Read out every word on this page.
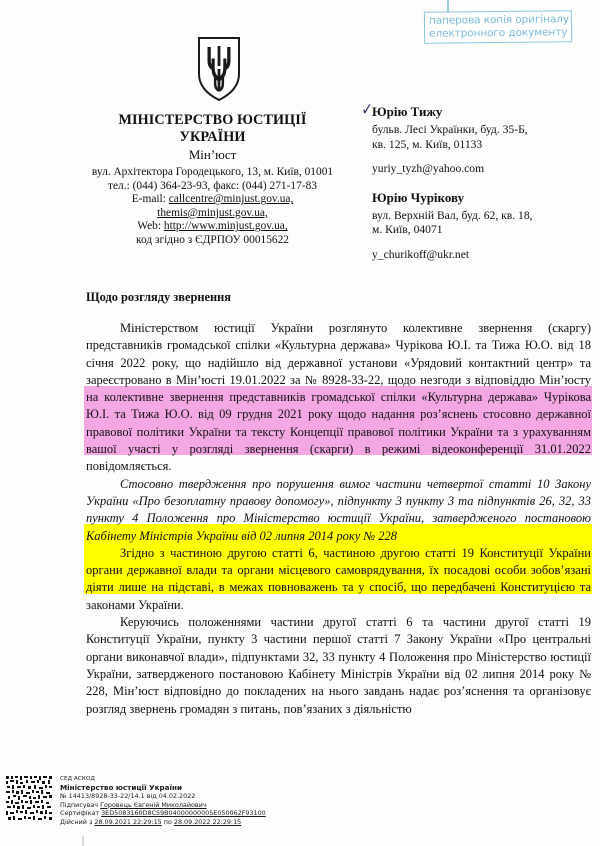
паперова копія оригіналу
електронного документу
МІНІСТЕРСТВО ЮСТИЦІЇ
УКРАЇНИ
Мін’юст
вул. Архітектора Городецького, 13, м. Київ, 01001
тел.: (044) 364-23-93, факс: (044) 271-17-83
E-mail: callcentre@minjust.gov.ua,
themis@minjust.gov.ua,
Web: http://www.minjust.gov.ua,
код згідно з ЄДРПОУ 00015622
✓ Юрію Тижу
бульв. Лесі Українки, буд. 35-Б,
кв. 125, м. Київ, 01133
yuriy_tyzh@yahoo.com
Юрію Чурікову
вул. Верхній Вал, буд. 62, кв. 18,
м. Київ, 04071
y_churikoff@ukr.net
Щодо розгляду звернення

Міністерством юстиції України розглянуто колективне звернення (скаргу) представників громадської спілки «Культурна держава» Чурікова Ю.І. та Тижа Ю.О. від 18 січня 2022 року, що надійшло від державної установи «Урядовий контактний центр» та зареєстровано в Мін’юсті 19.01.2022 за № 8928-33-22, щодо незгоди з відповіддю Мін’юсту на колективне звернення представників громадської спілки «Культурна держава» Чурікова Ю.І. та Тижа Ю.О. від 09 грудня 2021 року щодо надання роз’яснень стосовно державної правової політики України та тексту Концепції правової політики України та з урахуванням вашої участі у розгляді звернення (скарги) в режимі відеоконференції 31.01.2022 повідомляється.

Стосовно твердження про порушення вимог частини четвертої статті 10 Закону України «Про безоплатну правову допомогу», підпункту 3 пункту 3 та підпунктів 26, 32, 33 пункту 4 Положення про Міністерство юстиції України, затвердженого постановою Кабінету Міністрів України від 02 липня 2014 року № 228

Згідно з частиною другою статті 6, частиною другою статті 19 Конституції України органи державної влади та органи місцевого самоврядування, їх посадові особи зобов’язані діяти лише на підставі, в межах повноважень та у спосіб, що передбачені Конституцією та законами України.

Керуючись положеннями частини другої статті 6 та частини другої статті 19 Конституції України, пункту 3 частини першої статті 7 Закону України «Про центральні органи виконавчої влади», підпунктами 32, 33 пункту 4 Положення про Міністерство юстиції України, затвердженого постановою Кабінету Міністрів України від 02 липня 2014 року № 228, Мін’юст відповідно до покладених на нього завдань надає роз’яснення та організовує розгляд звернень громадян з питань, пов’язаних з діяльністю

СЕД АСКОД
Міністерство юстиції України
№ 14413/8928-33-22/14.1 від 04.02.2022
Підписувач Горовець Євгеній Миколайович
Сертифікат 3ED5083160D8C59B04000000005E050062F93100
Дійсний з 28.09.2021 22:29:15 по 28.09.2022 22:29:15
